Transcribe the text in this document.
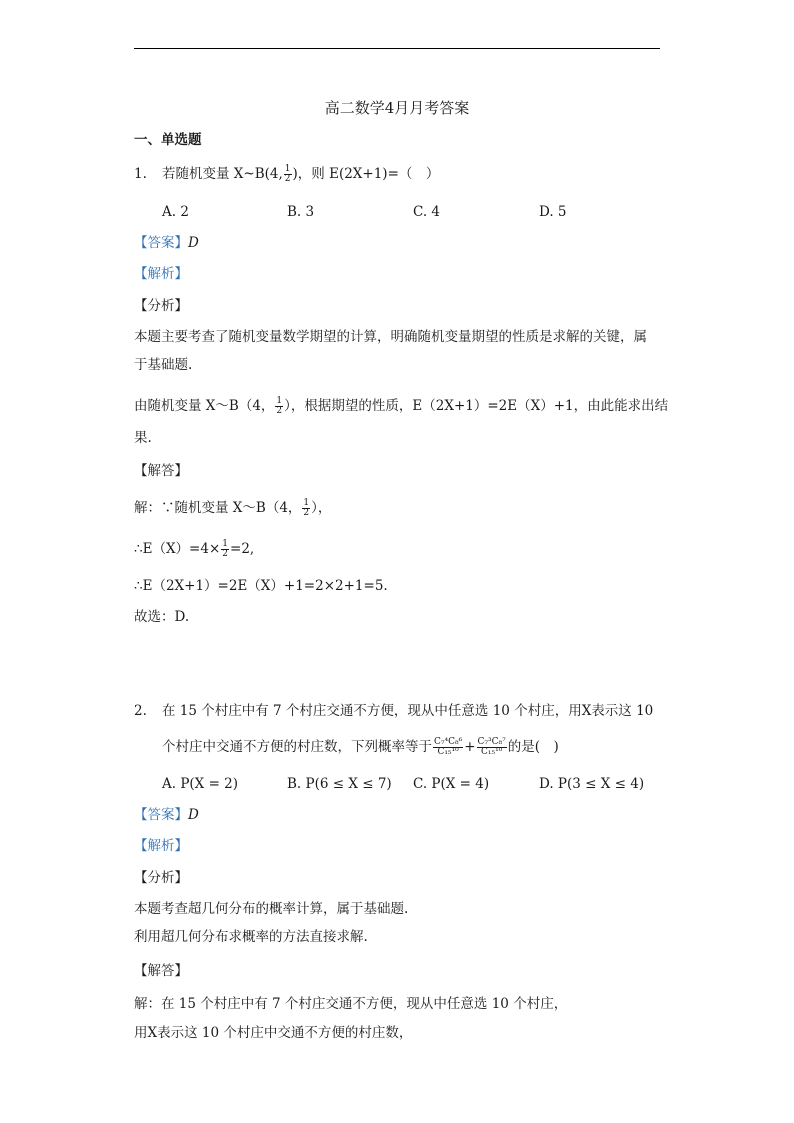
高二数学4月月考答案
一、单选题
1. 若随机变量 X~B(4, $\frac{1}{2}$ )，则 E(2X+1)=（　）
A. 2	B. 3	C. 4	D. 5
【答案】D
【解析】
【分析】
本题主要考查了随机变量数学期望的计算，明确随机变量期望的性质是求解的关键，属
于基础题.
由随机变量 X～B（4， $\frac{1}{2}$ ），根据期望的性质，E（2X+1）=2E（X）+1，由此能求出结
果.
【解答】
解：∵随机变量 X～B（4， $\frac{1}{2}$ ），
∴E（X）=4× $\frac{1}{2} =2$,
∴E（2X+1）=2E（X）+1=2×2+1=5.
故选：D.
2. 在 15 个村庄中有 7 个村庄交通不方便，现从中任意选 10 个村庄，用X表示这 10
个村庄中交通不方便的村庄数，下列概率等于 $\frac{\text{C₇⁴C₈⁶}}{\text{C₁₅¹⁰}} + \frac{\text{C₇³C₈⁷}}{\text{C₁₅¹⁰}}$ 的是(　)
A. P(X = 2)	B. P(6 ≤ X ≤ 7) C. P(X = 4)	D. P(3 ≤ X ≤ 4)
【答案】D
【解析】
【分析】
本题考查超几何分布的概率计算，属于基础题.
利用超几何分布求概率的方法直接求解.
【解答】
解：在 15 个村庄中有 7 个村庄交通不方便，现从中任意选 10 个村庄，
用X表示这 10 个村庄中交通不方便的村庄数，
